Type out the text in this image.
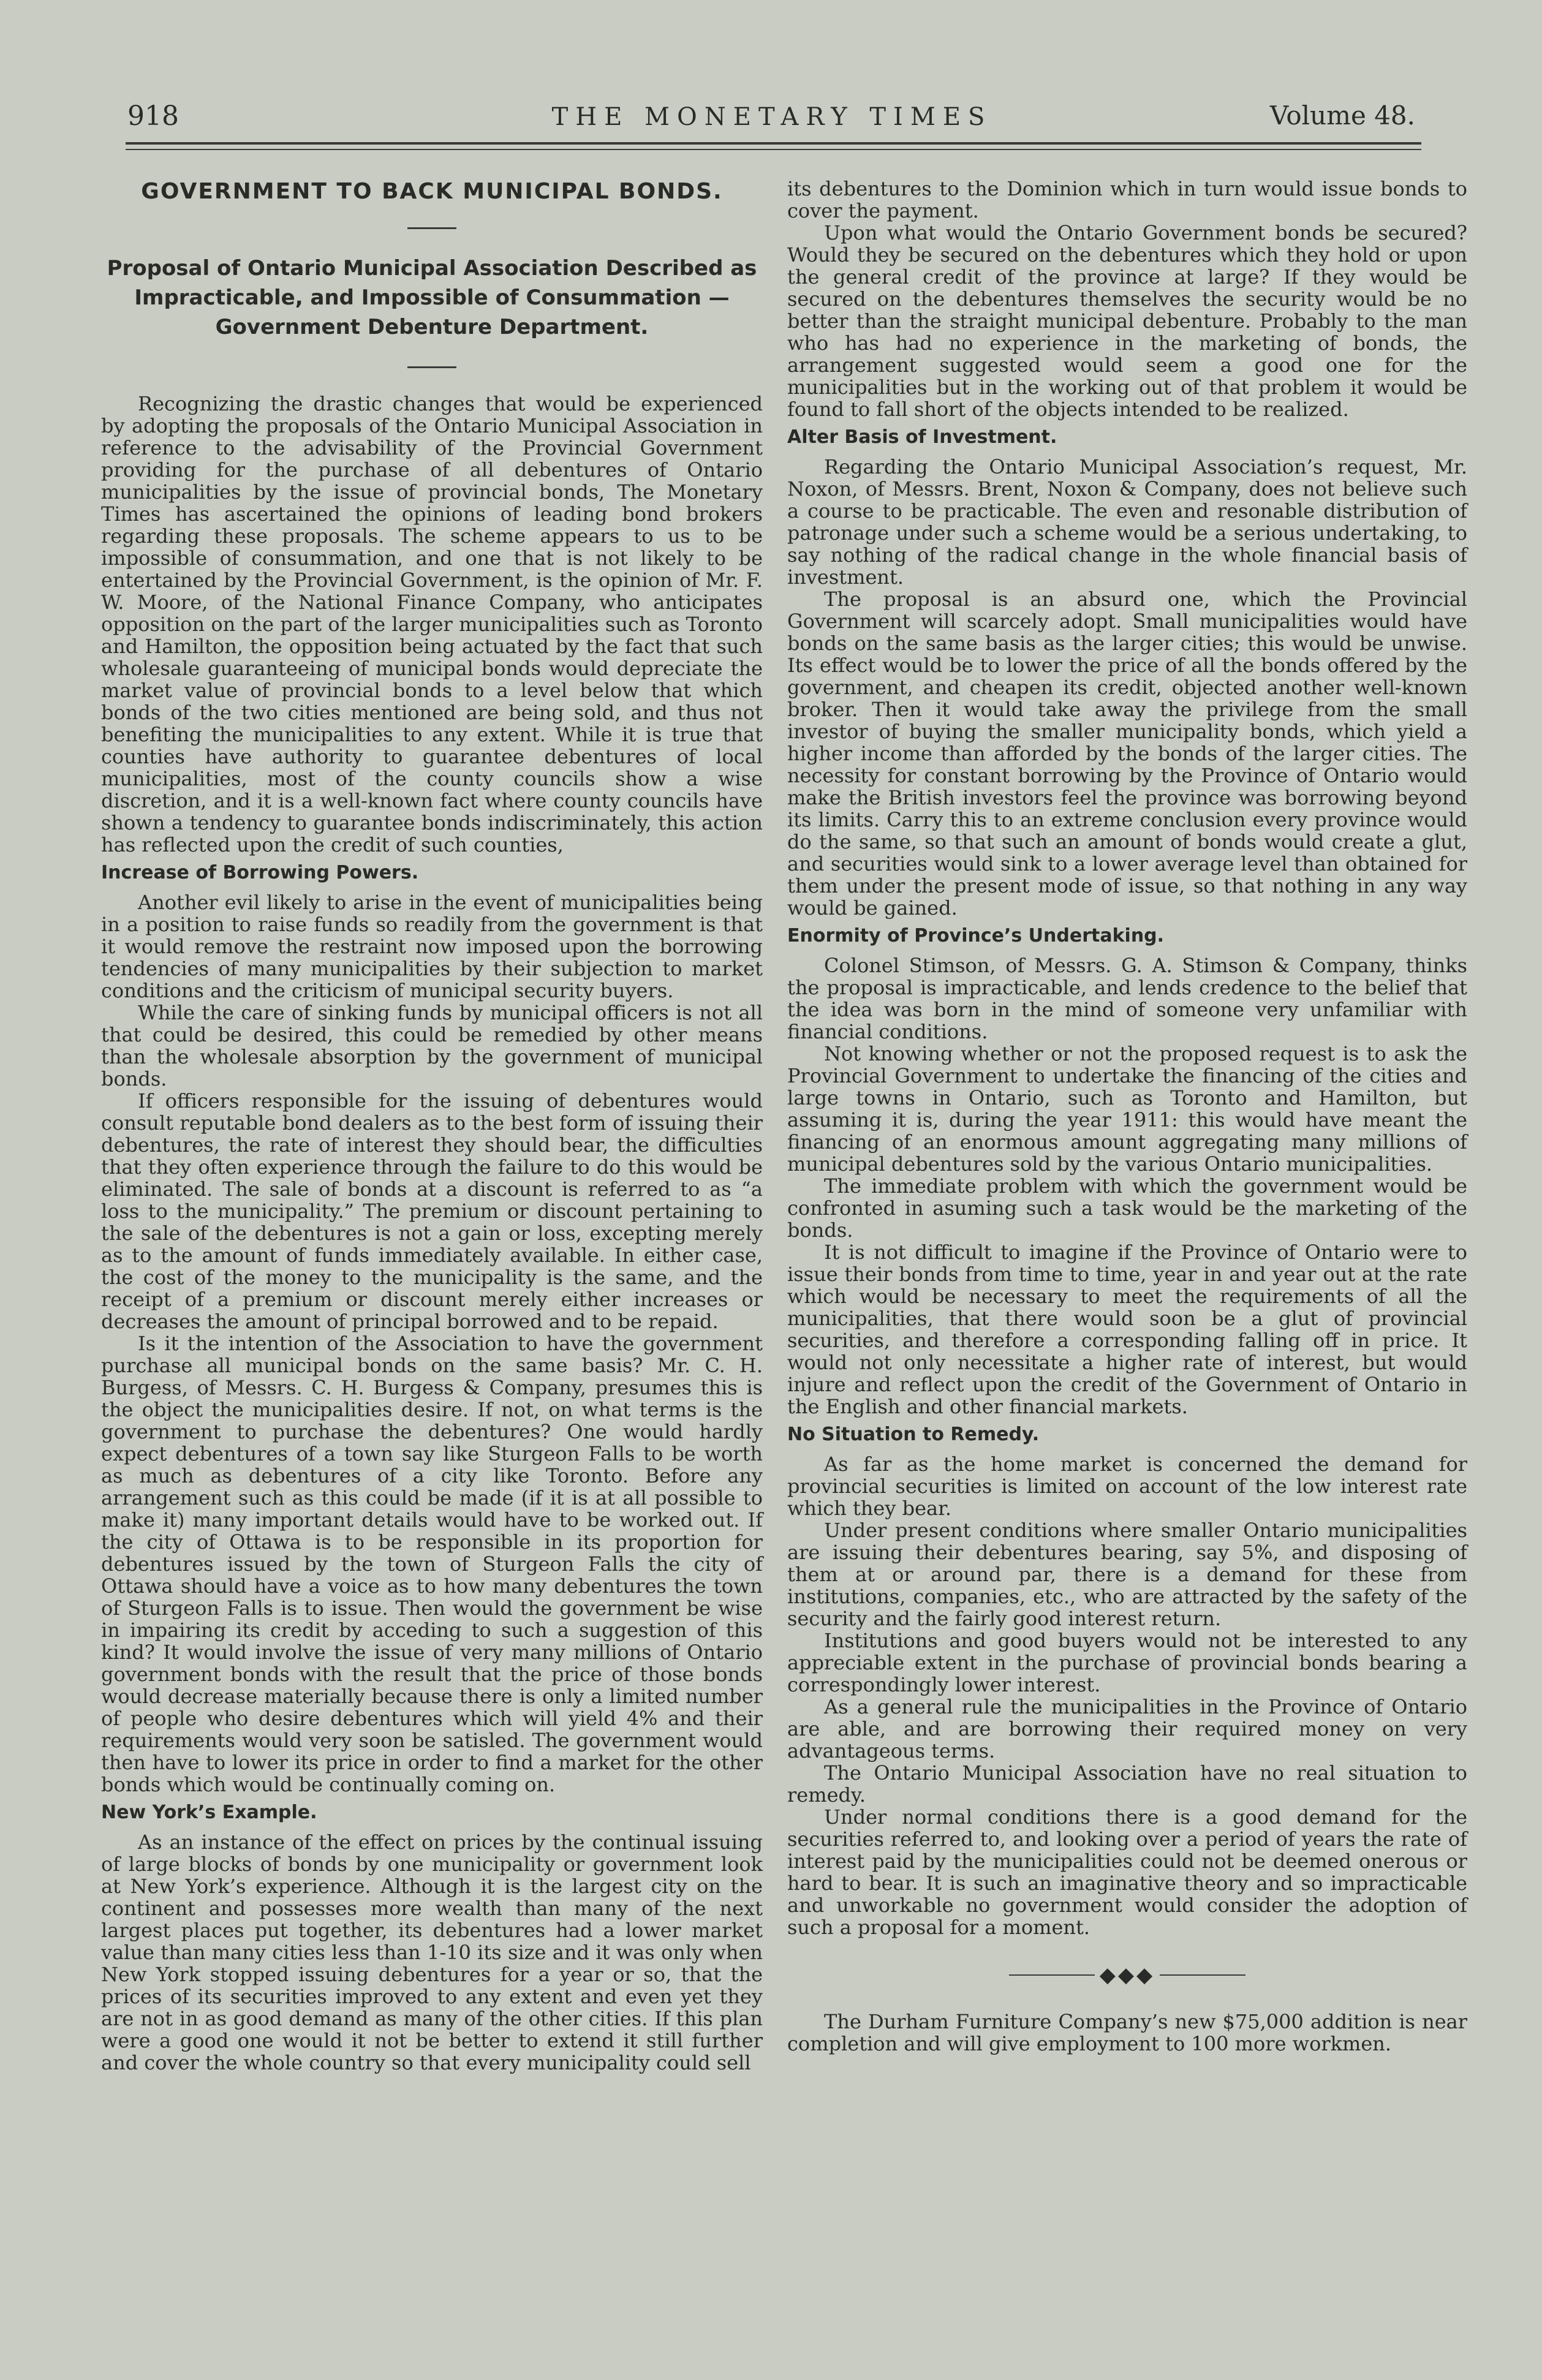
918	THE MONETARY TIMES	Volume 48.
GOVERNMENT TO BACK MUNICIPAL BONDS.
Proposal of Ontario Municipal Association Described as Impracticable, and Impossible of Consummation —Government Debenture Department.

Recognizing the drastic changes that would be experienced by adopting the proposals of the Ontario Municipal Association in reference to the advisability of the Provincial Government providing for the purchase of all debentures of Ontario municipalities by the issue of provincial bonds, The Monetary Times has ascertained the opinions of leading bond brokers regarding these proposals. The scheme appears to us to be impossible of consummation, and one that is not likely to be entertained by the Provincial Government, is the opinion of Mr. F. W. Moore, of the National Finance Company, who anticipates opposition on the part of the larger municipalities such as Toronto and Hamilton, the opposition being actuated by the fact that such wholesale guaranteeing of municipal bonds would depreciate the market value of provincial bonds to a level below that which bonds of the two cities mentioned are being sold, and thus not benefiting the municipalities to any extent. While it is true that counties have authority to guarantee debentures of local municipalities, most of the county councils show a wise discretion, and it is a well-known fact where county councils have shown a tendency to guarantee bonds indiscriminately, this action has reflected upon the credit of such counties,

Increase of Borrowing Powers.

Another evil likely to arise in the event of municipalities being in a position to raise funds so readily from the government is that it would remove the restraint now imposed upon the borrowing tendencies of many municipalities by their subjection to market conditions and the criticism of municipal security buyers.

While the care of sinking funds by municipal officers is not all that could be desired, this could be remedied by other means than the wholesale absorption by the government of municipal bonds.

If officers responsible for the issuing of debentures would consult reputable bond dealers as to the best form of issuing their debentures, the rate of interest they should bear, the difficulties that they often experience through the failure to do this would be eliminated. The sale of bonds at a discount is referred to as “a loss to the municipality.” The premium or discount pertaining to the sale of the debentures is not a gain or loss, excepting merely as to the amount of funds immediately available. In either case, the cost of the money to the municipality is the same, and the receipt of a premium or discount merely either increases or decreases the amount of principal borrowed and to be repaid.

Is it the intention of the Association to have the government purchase all municipal bonds on the same basis? Mr. C. H. Burgess, of Messrs. C. H. Burgess & Company, presumes this is the object the municipalities desire. If not, on what terms is the government to purchase the debentures? One would hardly expect debentures of a town say like Sturgeon Falls to be worth as much as debentures of a city like Toronto. Before any arrangement such as this could be made (if it is at all possible to make it) many important details would have to be worked out. If the city of Ottawa is to be responsible in its proportion for debentures issued by the town of Sturgeon Falls the city of Ottawa should have a voice as to how many debentures the town of Sturgeon Falls is to issue. Then would the government be wise in impairing its credit by acceding to such a suggestion of this kind? It would involve the issue of very many millions of Ontario government bonds with the result that the price of those bonds would decrease materially because there is only a limited number of people who desire debentures which will yield 4% and their requirements would very soon be satisled. The government would then have to lower its price in order to find a market for the other bonds which would be continually coming on.

New York’s Example.

As an instance of the effect on prices by the continual issuing of large blocks of bonds by one municipality or government look at New York’s experience. Although it is the largest city on the continent and possesses more wealth than many of the next largest places put together, its debentures had a lower market value than many cities less than 1-10 its size and it was only when New York stopped issuing debentures for a year or so, that the prices of its securities improved to any extent and even yet they are not in as good demand as many of the other cities. If this plan were a good one would it not be better to extend it still further and cover the whole country so that every municipality could sell

its debentures to the Dominion which in turn would issue bonds to cover the payment.

Upon what would the Ontario Government bonds be secured? Would they be secured on the debentures which they hold or upon the general credit of the province at large? If they would be secured on the debentures themselves the security would be no better than the straight municipal debenture. Probably to the man who has had no experience in the marketing of bonds, the arrangement suggested would seem a good one for the municipalities but in the working out of that problem it would be found to fall short of the objects intended to be realized.

Alter Basis of Investment.

Regarding the Ontario Municipal Association’s request, Mr. Noxon, of Messrs. Brent, Noxon & Company, does not believe such a course to be practicable. The even and resonable distribution of patronage under such a scheme would be a serious undertaking, to say nothing of the radical change in the whole financial basis of investment.

The proposal is an absurd one, which the Provincial Government will scarcely adopt. Small municipalities would have bonds on the same basis as the larger cities; this would be unwise. Its effect would be to lower the price of all the bonds offered by the government, and cheapen its credit, objected another well-known broker. Then it would take away the privilege from the small investor of buying the smaller municipality bonds, which yield a higher income than afforded by the bonds of the larger cities. The necessity for constant borrowing by the Province of Ontario would make the British investors feel the province was borrowing beyond its limits. Carry this to an extreme conclusion every province would do the same, so that such an amount of bonds would create a glut, and securities would sink to a lower average level than obtained for them under the present mode of issue, so that nothing in any way would be gained.

Enormity of Province’s Undertaking.

Colonel Stimson, of Messrs. G. A. Stimson & Company, thinks the proposal is impracticable, and lends credence to the belief that the idea was born in the mind of someone very unfamiliar with financial conditions.

Not knowing whether or not the proposed request is to ask the Provincial Government to undertake the financing of the cities and large towns in Ontario, such as Toronto and Hamilton, but assuming it is, during the year 1911: this would have meant the financing of an enormous amount aggregating many millions of municipal debentures sold by the various Ontario municipalities.

The immediate problem with which the government would be confronted in asuming such a task would be the marketing of the bonds.

It is not difficult to imagine if the Province of Ontario were to issue their bonds from time to time, year in and year out at the rate which would be necessary to meet the requirements of all the municipalities, that there would soon be a glut of provincial securities, and therefore a corresponding falling off in price. It would not only necessitate a higher rate of interest, but would injure and reflect upon the credit of the Government of Ontario in the English and other financial markets.

No Situation to Remedy.

As far as the home market is concerned the demand for provincial securities is limited on account of the low interest rate which they bear.

Under present conditions where smaller Ontario municipalities are issuing their debentures bearing, say 5%, and disposing of them at or around par, there is a demand for these from institutions, companies, etc., who are attracted by the safety of the security and the fairly good interest return.

Institutions and good buyers would not be interested to any appreciable extent in the purchase of provincial bonds bearing a correspondingly lower interest.

As a general rule the municipalities in the Province of Ontario are able, and are borrowing their required money on very advantageous terms.

The Ontario Municipal Association have no real situation to remedy.

Under normal conditions there is a good demand for the securities referred to, and looking over a period of years the rate of interest paid by the municipalities could not be deemed onerous or hard to bear. It is such an imaginative theory and so impracticable and unworkable no government would consider the adoption of such a proposal for a moment.

◆◆◆

The Durham Furniture Company’s new $75,000 addition is near completion and will give employment to 100 more workmen.
